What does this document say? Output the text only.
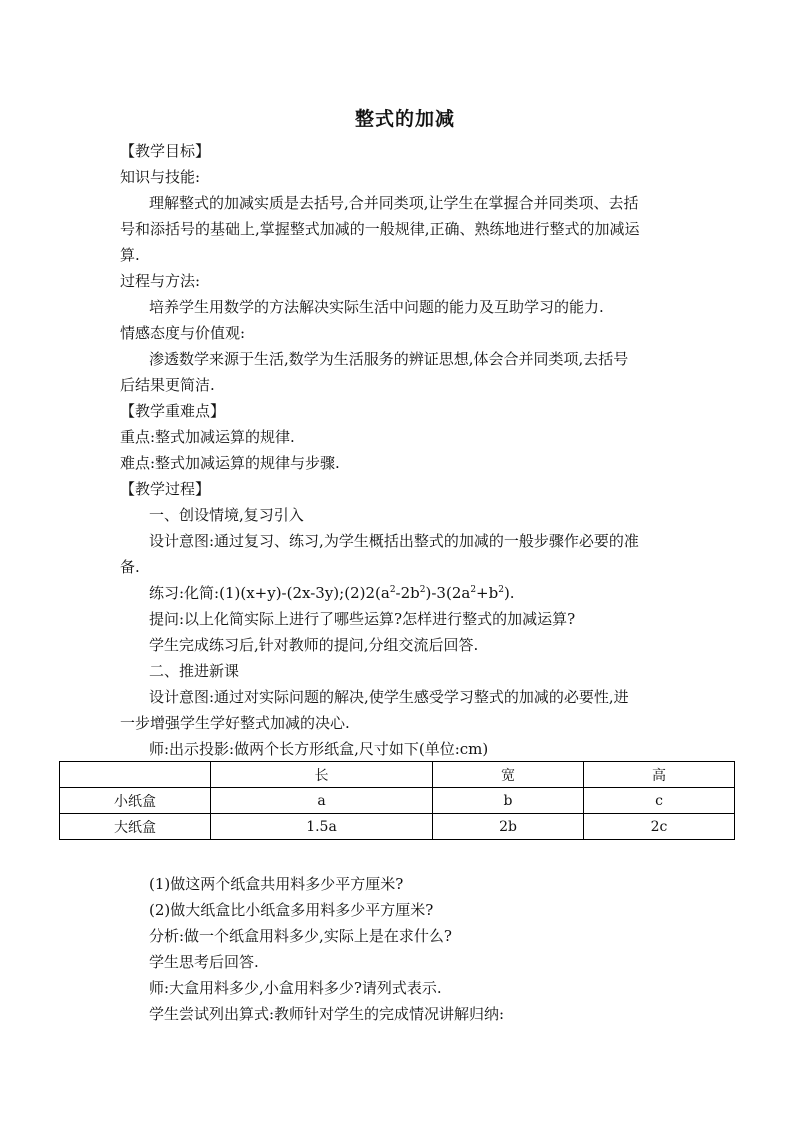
整式的加减
【教学目标】
知识与技能:
理解整式的加减实质是去括号,合并同类项,让学生在掌握合并同类项、去括
号和添括号的基础上,掌握整式加减的一般规律,正确、熟练地进行整式的加减运
算.
过程与方法:
培养学生用数学的方法解决实际生活中问题的能力及互助学习的能力.
情感态度与价值观:
渗透数学来源于生活,数学为生活服务的辨证思想,体会合并同类项,去括号
后结果更简洁.
【教学重难点】
重点:整式加减运算的规律.
难点:整式加减运算的规律与步骤.
【教学过程】
一、创设情境,复习引入
设计意图:通过复习、练习,为学生概括出整式的加减的一般步骤作必要的准
备.
练习:化简$:(1)(x+y)-(2x-3y);(2)2(a^2-2b^2)-3(2a^2+b^2)$.
提问:以上化简实际上进行了哪些运算?怎样进行整式的加减运算?
学生完成练习后,针对教师的提问,分组交流后回答.
二、推进新课
设计意图:通过对实际问题的解决,使学生感受学习整式的加减的必要性,进
一步增强学生学好整式加减的决心.
师:出示投影:做两个长方形纸盒,尺寸如下(单位:cm)
	长	宽	高
小纸盒	a	b	c
大纸盒	1.5a	2b	2c
(1)做这两个纸盒共用料多少平方厘米?
(2)做大纸盒比小纸盒多用料多少平方厘米?
分析:做一个纸盒用料多少,实际上是在求什么?
学生思考后回答.
师:大盒用料多少,小盒用料多少?请列式表示.
学生尝试列出算式:教师针对学生的完成情况讲解归纳:
